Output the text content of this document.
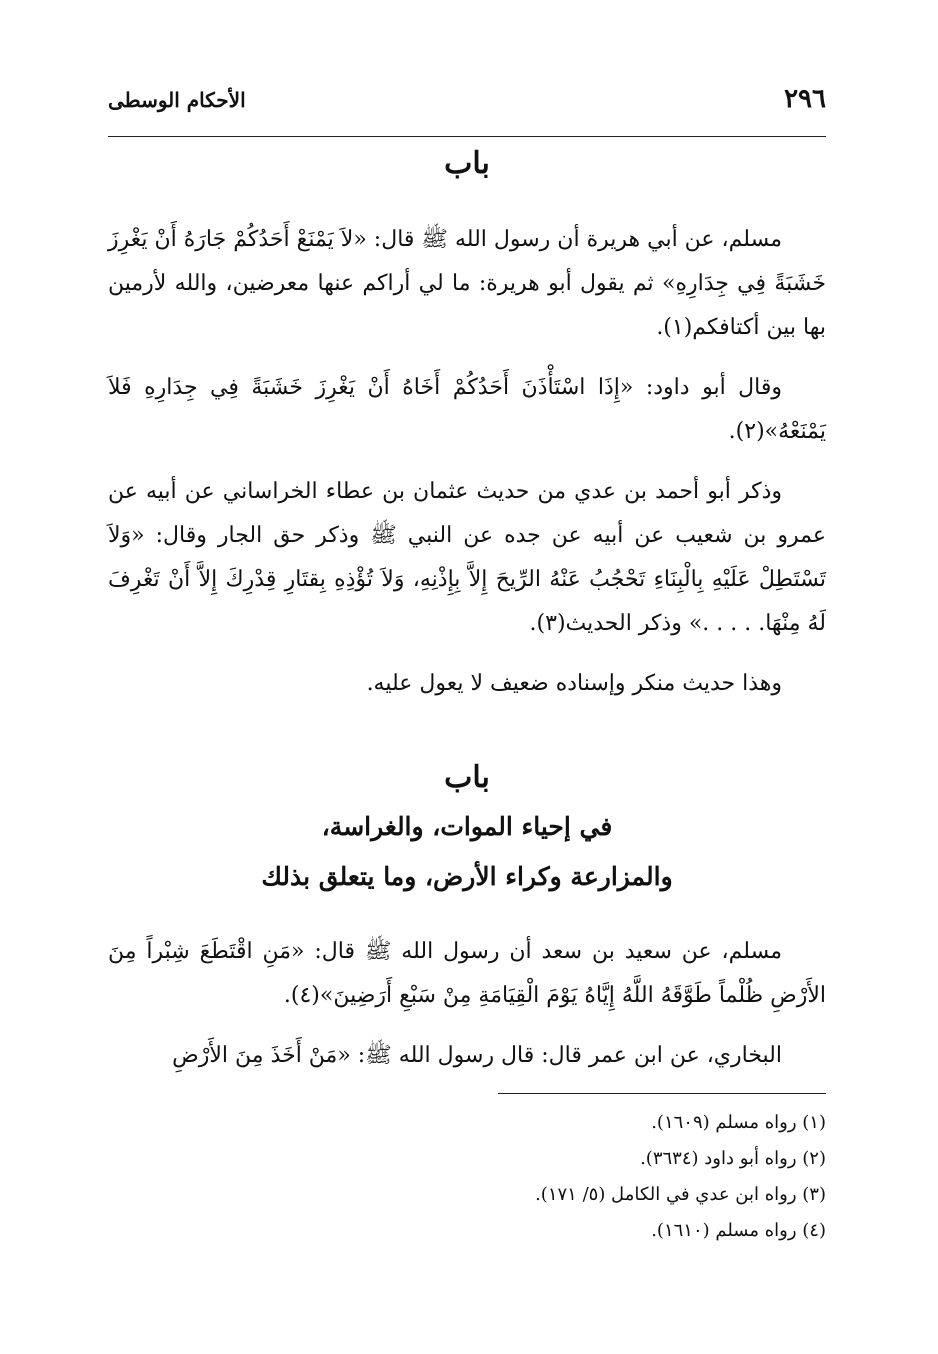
الأحكام الوسطى	٢٩٦
باب
مسلم، عن أبي هريرة أن رسول الله ﷺ قال: «لاَ يَمْنَعْ أَحَدُكُمْ جَارَهُ أَنْ يَغْرِزَ خَشَبَةً فِي جِدَارِهِ» ثم يقول أبو هريرة: ما لي أراكم عنها معرضين، والله لأرمين بها بين أكتافكم(١).
وقال أبو داود: «إِذَا اسْتَأْذَنَ أَحَدُكُمْ أَخَاهُ أَنْ يَغْرِزَ خَشَبَةً فِي جِدَارِهِ فَلاَ يَمْنَعْهُ»(٢).
وذكر أبو أحمد بن عدي من حديث عثمان بن عطاء الخراساني عن أبيه عن عمرو بن شعيب عن أبيه عن جده عن النبي ﷺ وذكر حق الجار وقال: «وَلاَ تَسْتَطِلْ عَلَيْهِ بِالْبِنَاءِ تَحْجُبُ عَنْهُ الرِّيحَ إِلاَّ بِإِذْنِهِ، وَلاَ تُؤْذِهِ بِقتَارِ قِدْرِكَ إِلاَّ أَنْ تَغْرِفَ لَهُ مِنْهَا. . . . .» وذكر الحديث(٣).
وهذا حديث منكر وإسناده ضعيف لا يعول عليه.
باب
في إحياء الموات، والغراسة،
والمزارعة وكراء الأرض، وما يتعلق بذلك
مسلم، عن سعيد بن سعد أن رسول الله ﷺ قال: «مَنِ اقْتَطَعَ شِبْراً مِنَ الأَرْضِ ظُلْماً طَوَّقَهُ اللَّهُ إِيَّاهُ يَوْمَ الْقِيَامَةِ مِنْ سَبْعِ أَرَضِينَ»(٤).
البخاري، عن ابن عمر قال: قال رسول الله ﷺ: «مَنْ أَخَذَ مِنَ الأَرْضِ
(١) رواه مسلم (١٦٠٩).
(٢) رواه أبو داود (٣٦٣٤).
(٣) رواه ابن عدي في الكامل (٥/ ١٧١).
(٤) رواه مسلم (١٦١٠).
